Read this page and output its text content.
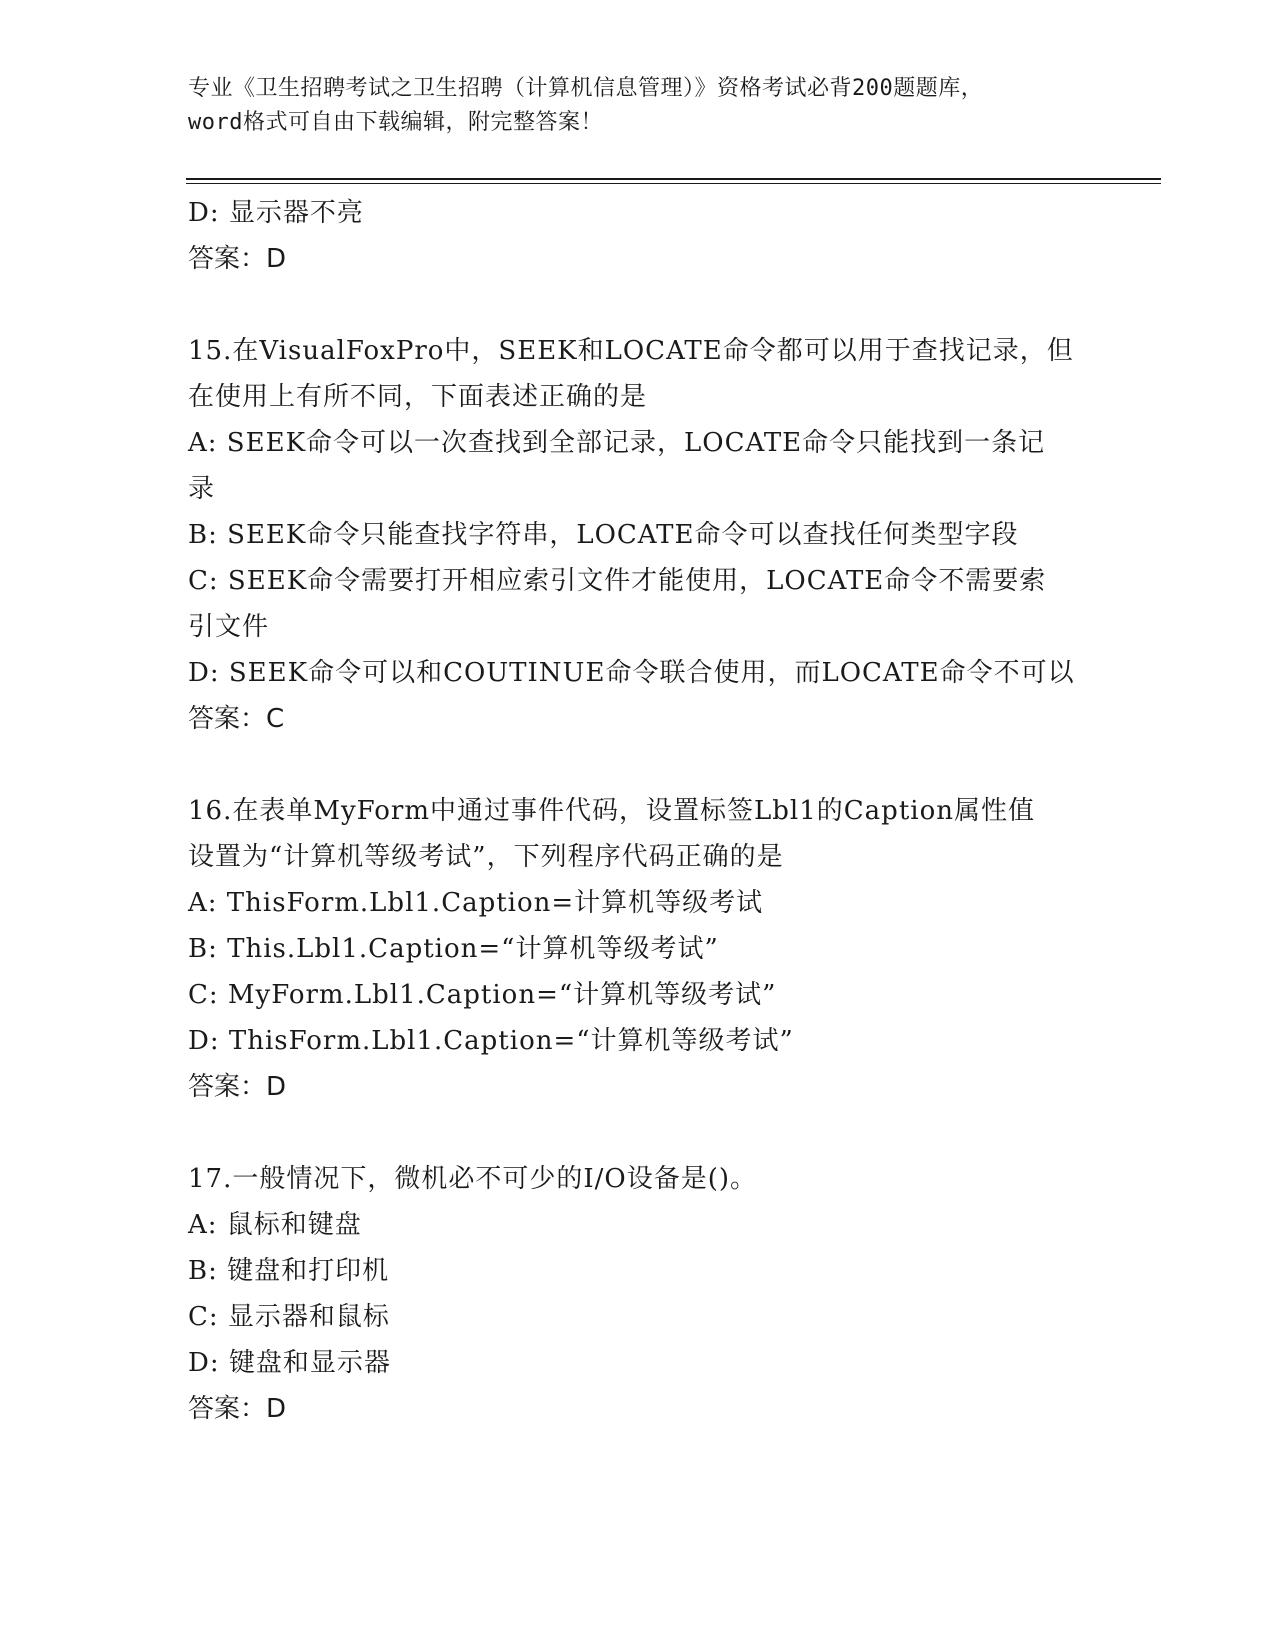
专业《卫生招聘考试之卫生招聘（计算机信息管理）》资格考试必背200题题库，

word格式可自由下载编辑，附完整答案！

D: 显示器不亮

答案：D

15.在VisualFoxPro中，SEEK和LOCATE命令都可以用于查找记录，但

在使用上有所不同，下面表述正确的是

A: SEEK命令可以一次查找到全部记录，LOCATE命令只能找到一条记

录

B: SEEK命令只能查找字符串，LOCATE命令可以查找任何类型字段

C: SEEK命令需要打开相应索引文件才能使用，LOCATE命令不需要索

引文件

D: SEEK命令可以和COUTINUE命令联合使用，而LOCATE命令不可以

答案：C

16.在表单MyForm中通过事件代码，设置标签Lbl1的Caption属性值

设置为“计算机等级考试”，下列程序代码正确的是

A: ThisForm.Lbl1.Caption=计算机等级考试

B: This.Lbl1.Caption=“计算机等级考试”

C: MyForm.Lbl1.Caption=“计算机等级考试”

D: ThisForm.Lbl1.Caption=“计算机等级考试”

答案：D

17.一般情况下，微机必不可少的I/O设备是()。

A: 鼠标和键盘

B: 键盘和打印机

C: 显示器和鼠标

D: 键盘和显示器

答案：D
